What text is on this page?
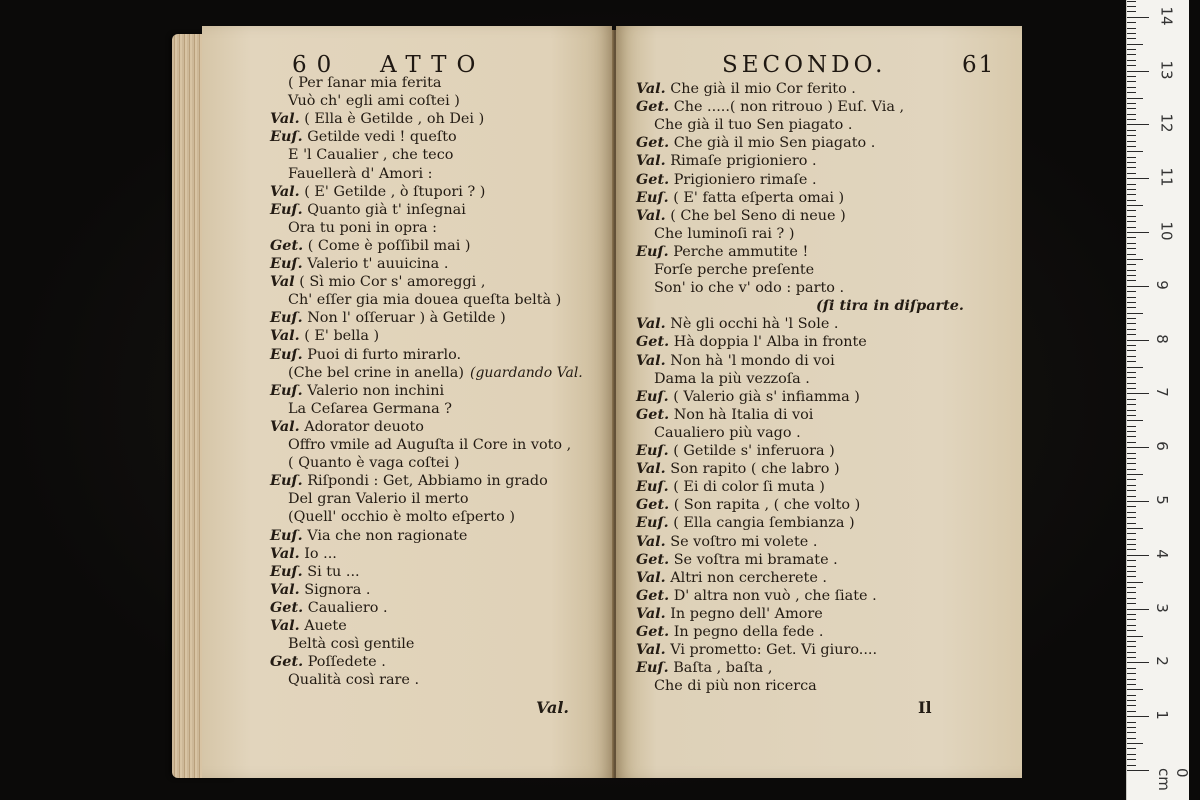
60 ATTO
( Per ſanar mia ferita
Vuò ch' egli ami coſtei )
Val. ( Ella è Getilde , oh Dei )
Euſ. Getilde vedi ! queſto
E 'l Caualier , che teco
Fauellerà d' Amori :
Val. ( E' Getilde , ò ſtupori ? )
Euſ. Quanto già t' inſegnai
Ora tu poni in opra :
Get. ( Come è poſſibil mai )
Euſ. Valerio t' auuicina .
Val ( Sì mio Cor s' amoreggi ,
Ch' eſſer gia mia douea queſta beltà )
Euſ. Non l' oſſeruar ) à Getilde )
Val. ( E' bella )
Euſ. Puoi di furto mirarlo.
(Che bel crine in anella)
Euſ. Valerio non inchini
La Ceſarea Germana ?
Val. Adorator deuoto
Offro vmile ad Auguſta il Core in voto ,
( Quanto è vaga coſtei )
Euſ. Riſpondi : Get, Abbiamo in grado
Del gran Valerio il merto
(Quell' occhio è molto eſperto )
Euſ. Via che non ragionate
Val. Io ...
Euſ. Si tu ...
Val. Signora .
Get. Caualiero .
Val. Auete
Beltà così gentile
Get. Poſſedete .
Qualità così rare .
(guardando Val.
Val.
SECONDO.	61
Val. Che già il mio Cor ferito .
Get. Che .....( non ritrouo ) Euſ. Via ,
Che già il tuo Sen piagato .
Get. Che già il mio Sen piagato .
Val. Rimaſe prigioniero .
Get. Prigioniero rimaſe .
Euſ. ( E' fatta eſperta omai )
Val. ( Che bel Seno di neue )
Che luminoſi rai ? )
Euſ. Perche ammutite !
Forſe perche preſente
Son' io che v' odo : parto .
(ſi tira in diſparte.
Val. Nè gli occhi hà 'l Sole .
Get. Hà doppia l' Alba in fronte
Val. Non hà 'l mondo di voi
Dama la più vezzoſa .
Euſ. ( Valerio già s' infiamma )
Get. Non hà Italia di voi
Caualiero più vago .
Euſ. ( Getilde s' inferuora )
Val. Son rapito ( che labro )
Euſ. ( Ei di color ſi muta )
Get. ( Son rapita , ( che volto )
Euſ. ( Ella cangia ſembianza )
Val. Se voſtro mi volete .
Get. Se voſtra mi bramate .
Val. Altri non cercherete .
Get. D' altra non vuò , che ſiate .
Val. In pegno dell' Amore
Get. In pegno della fede .
Val. Vi prometto: Get. Vi giuro....
Euſ. Baſta , baſta ,
Che di più non ricerca
Il
0 cm
1
2
3
4
5
6
7
8
9
10
11
12
13
14
